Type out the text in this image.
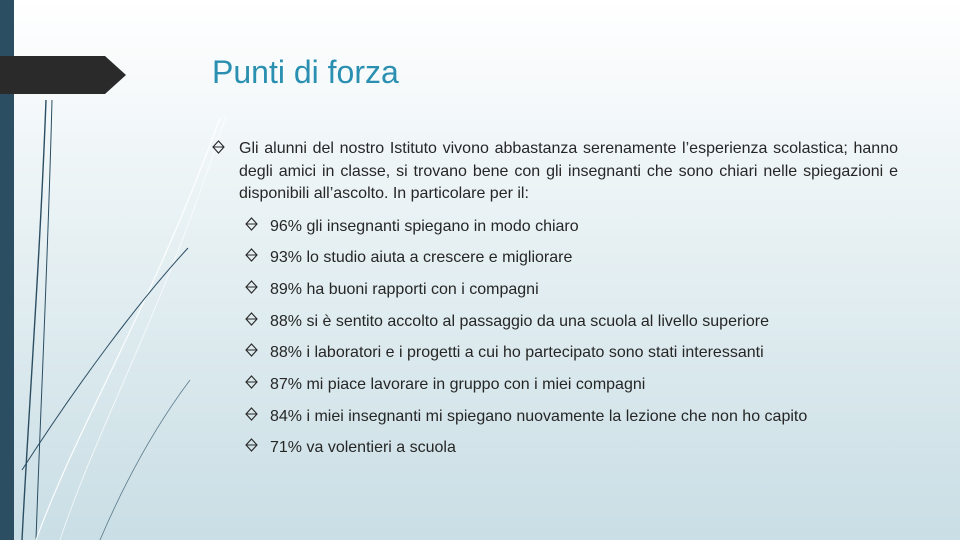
Punti di forza
Gli alunni del nostro Istituto vivono abbastanza serenamente l’esperienza scolastica; hanno degli amici in classe, si trovano bene con gli insegnanti che sono chiari nelle spiegazioni e disponibili all’ascolto. In particolare per il:
96% gli insegnanti spiegano in modo chiaro
93% lo studio aiuta a crescere e migliorare
89% ha buoni rapporti con i compagni
88% si è sentito accolto al passaggio da una scuola al livello superiore
88% i laboratori e i progetti a cui ho partecipato sono stati interessanti
87% mi piace lavorare in gruppo con i miei compagni
84% i miei insegnanti mi spiegano nuovamente la lezione che non ho capito
71% va volentieri a scuola
